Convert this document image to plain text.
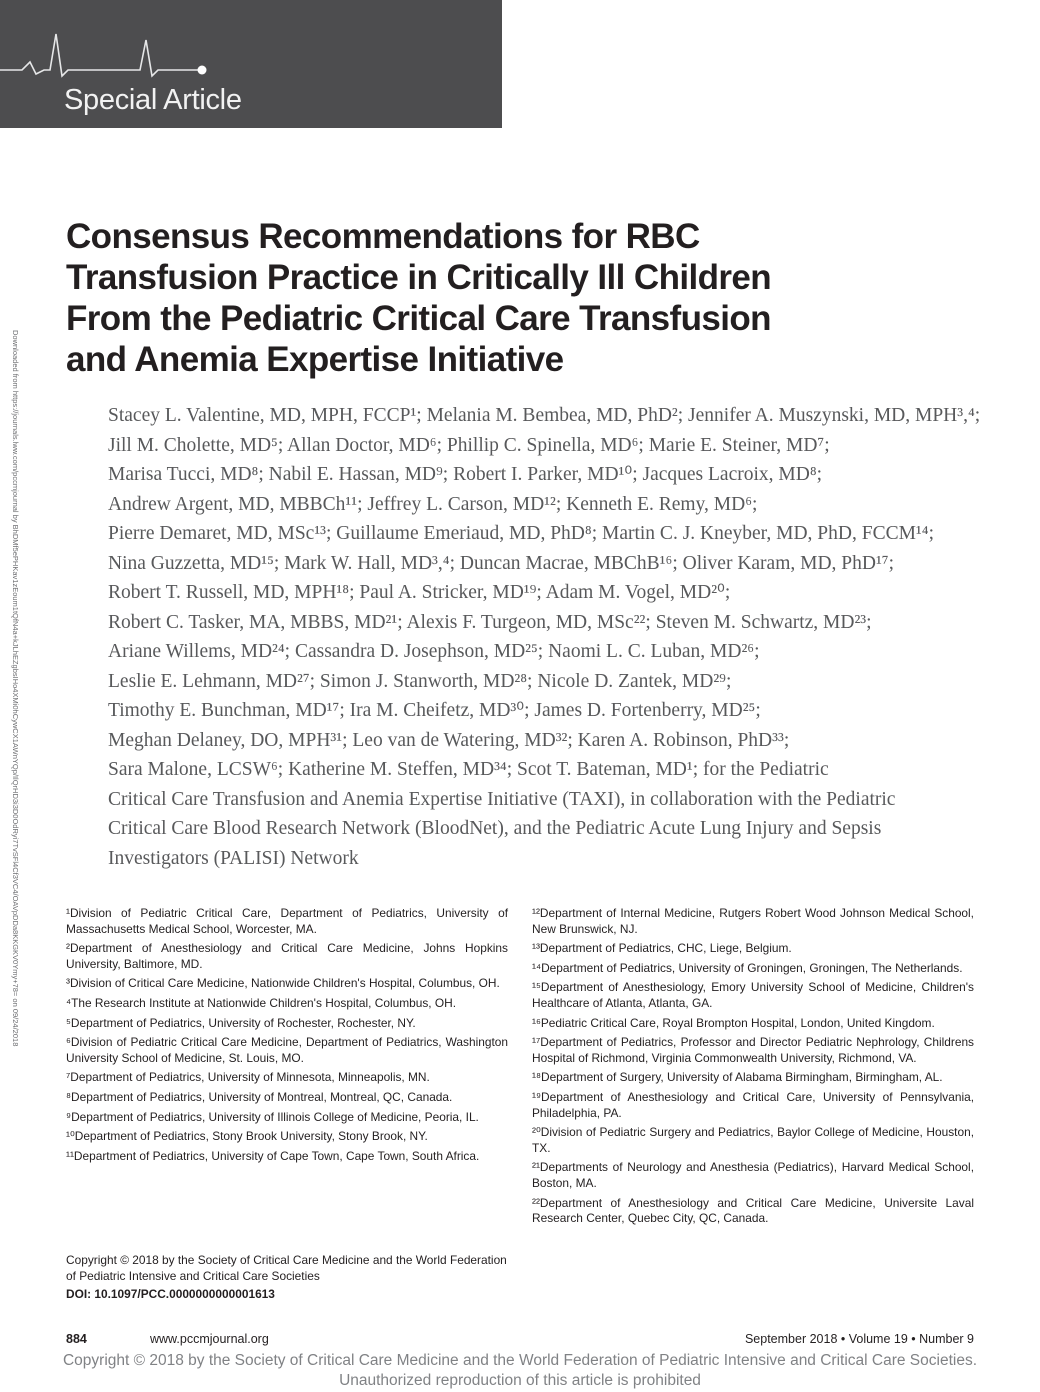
Special Article
Downloaded from https://journals.lww.com/pccmjournal by BhDMf5ePHKav1zEoum1tQfN4a+kJLhEZgbsIHo4XMi0hCywCX1AWnYQp/IlQrHD3i3D0OdRyi7TvSFl4Cf3VC4/OAVpDDa8KKGKV0Ymy+78= on 09/24/2018
Consensus Recommendations for RBC
Transfusion Practice in Critically Ill Children
From the Pediatric Critical Care Transfusion
and Anemia Expertise Initiative
Stacey L. Valentine, MD, MPH, FCCP¹; Melania M. Bembea, MD, PhD²; Jennifer A. Muszynski, MD, MPH³,⁴;
Jill M. Cholette, MD⁵; Allan Doctor, MD⁶; Phillip C. Spinella, MD⁶; Marie E. Steiner, MD⁷;
Marisa Tucci, MD⁸; Nabil E. Hassan, MD⁹; Robert I. Parker, MD¹⁰; Jacques Lacroix, MD⁸;
Andrew Argent, MD, MBBCh¹¹; Jeffrey L. Carson, MD¹²; Kenneth E. Remy, MD⁶;
Pierre Demaret, MD, MSc¹³; Guillaume Emeriaud, MD, PhD⁸; Martin C. J. Kneyber, MD, PhD, FCCM¹⁴;
Nina Guzzetta, MD¹⁵; Mark W. Hall, MD³,⁴; Duncan Macrae, MBChB¹⁶; Oliver Karam, MD, PhD¹⁷;
Robert T. Russell, MD, MPH¹⁸; Paul A. Stricker, MD¹⁹; Adam M. Vogel, MD²⁰;
Robert C. Tasker, MA, MBBS, MD²¹; Alexis F. Turgeon, MD, MSc²²; Steven M. Schwartz, MD²³;
Ariane Willems, MD²⁴; Cassandra D. Josephson, MD²⁵; Naomi L. C. Luban, MD²⁶;
Leslie E. Lehmann, MD²⁷; Simon J. Stanworth, MD²⁸; Nicole D. Zantek, MD²⁹;
Timothy E. Bunchman, MD¹⁷; Ira M. Cheifetz, MD³⁰; James D. Fortenberry, MD²⁵;
Meghan Delaney, DO, MPH³¹; Leo van de Watering, MD³²; Karen A. Robinson, PhD³³;
Sara Malone, LCSW⁶; Katherine M. Steffen, MD³⁴; Scot T. Bateman, MD¹; for the Pediatric
Critical Care Transfusion and Anemia Expertise Initiative (TAXI), in collaboration with the Pediatric
Critical Care Blood Research Network (BloodNet), and the Pediatric Acute Lung Injury and Sepsis
Investigators (PALISI) Network
¹Division of Pediatric Critical Care, Department of Pediatrics, University of Massachusetts Medical School, Worcester, MA.
²Department of Anesthesiology and Critical Care Medicine, Johns Hopkins University, Baltimore, MD.
³Division of Critical Care Medicine, Nationwide Children's Hospital, Columbus, OH.
⁴The Research Institute at Nationwide Children's Hospital, Columbus, OH.
⁵Department of Pediatrics, University of Rochester, Rochester, NY.
⁶Division of Pediatric Critical Care Medicine, Department of Pediatrics, Washington University School of Medicine, St. Louis, MO.
⁷Department of Pediatrics, University of Minnesota, Minneapolis, MN.
⁸Department of Pediatrics, University of Montreal, Montreal, QC, Canada.
⁹Department of Pediatrics, University of Illinois College of Medicine, Peoria, IL.
¹⁰Department of Pediatrics, Stony Brook University, Stony Brook, NY.
¹¹Department of Pediatrics, University of Cape Town, Cape Town, South Africa.
Copyright © 2018 by the Society of Critical Care Medicine and the World Federation of Pediatric Intensive and Critical Care Societies
DOI: 10.1097/PCC.0000000000001613
¹²Department of Internal Medicine, Rutgers Robert Wood Johnson Medical School, New Brunswick, NJ.
¹³Department of Pediatrics, CHC, Liege, Belgium.
¹⁴Department of Pediatrics, University of Groningen, Groningen, The Netherlands.
¹⁵Department of Anesthesiology, Emory University School of Medicine, Children's Healthcare of Atlanta, Atlanta, GA.
¹⁶Pediatric Critical Care, Royal Brompton Hospital, London, United Kingdom.
¹⁷Department of Pediatrics, Professor and Director Pediatric Nephrology, Childrens Hospital of Richmond, Virginia Commonwealth University, Richmond, VA.
¹⁸Department of Surgery, University of Alabama Birmingham, Birmingham, AL.
¹⁹Department of Anesthesiology and Critical Care, University of Pennsylvania, Philadelphia, PA.
²⁰Division of Pediatric Surgery and Pediatrics, Baylor College of Medicine, Houston, TX.
²¹Departments of Neurology and Anesthesia (Pediatrics), Harvard Medical School, Boston, MA.
²²Department of Anesthesiology and Critical Care Medicine, Universite Laval Research Center, Quebec City, QC, Canada.
884	www.pccmjournal.org	September 2018 • Volume 19 • Number 9
Copyright © 2018 by the Society of Critical Care Medicine and the World Federation of Pediatric Intensive and Critical Care Societies.
Unauthorized reproduction of this article is prohibited
